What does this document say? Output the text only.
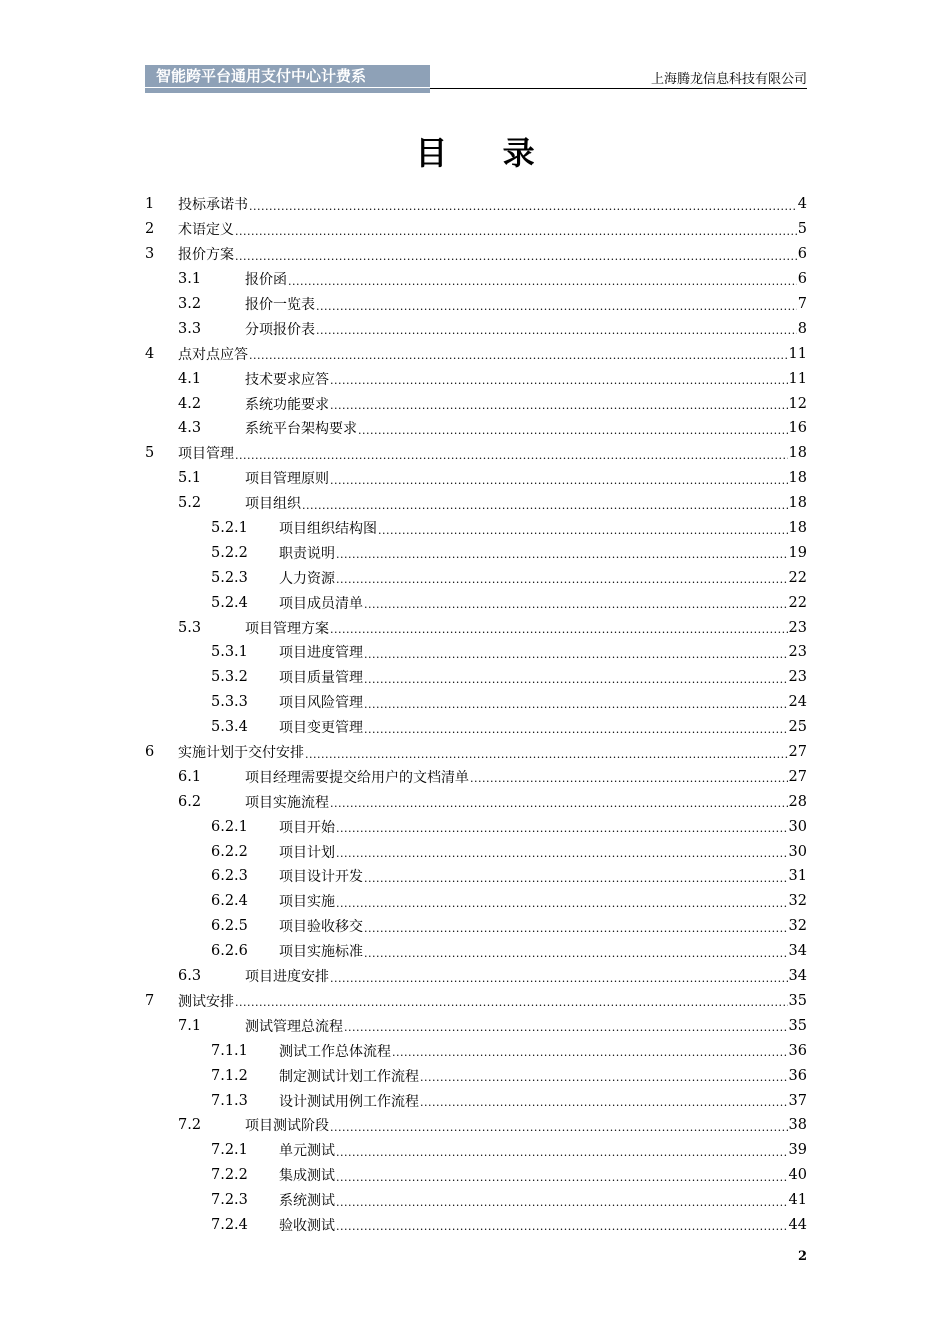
智能跨平台通用支付中心计费系	上海腾龙信息科技有限公司
目 录
1	投标承诺书 .....	4
2	术语定义 .....	5
3	报价方案 .....	6
3.1	报价函 .....	6
3.2	报价一览表 .....	7
3.3	分项报价表 .....	8
4	点对点应答 .....	11
4.1	技术要求应答 .....	11
4.2	系统功能要求 .....	12
4.3	系统平台架构要求 .....	16
5	项目管理 .....	18
5.1	项目管理原则 .....	18
5.2	项目组织 .....	18
5.2.1	项目组织结构图 .....	18
5.2.2	职责说明 .....	19
5.2.3	人力资源 .....	22
5.2.4	项目成员清单 .....	22
5.3	项目管理方案 .....	23
5.3.1	项目进度管理 .....	23
5.3.2	项目质量管理 .....	23
5.3.3	项目风险管理 .....	24
5.3.4	项目变更管理 .....	25
6	实施计划于交付安排 .....	27
6.1	项目经理需要提交给用户的文档清单 .....	27
6.2	项目实施流程 .....	28
6.2.1	项目开始 .....	30
6.2.2	项目计划 .....	30
6.2.3	项目设计开发 .....	31
6.2.4	项目实施 .....	32
6.2.5	项目验收移交 .....	32
6.2.6	项目实施标准 .....	34
6.3	项目进度安排 .....	34
7	测试安排 .....	35
7.1	测试管理总流程 .....	35
7.1.1	测试工作总体流程 .....	36
7.1.2	制定测试计划工作流程 .....	36
7.1.3	设计测试用例工作流程 .....	37
7.2	项目测试阶段 .....	38
7.2.1	单元测试 .....	39
7.2.2	集成测试 .....	40
7.2.3	系统测试 .....	41
7.2.4	验收测试 .....	44
2
